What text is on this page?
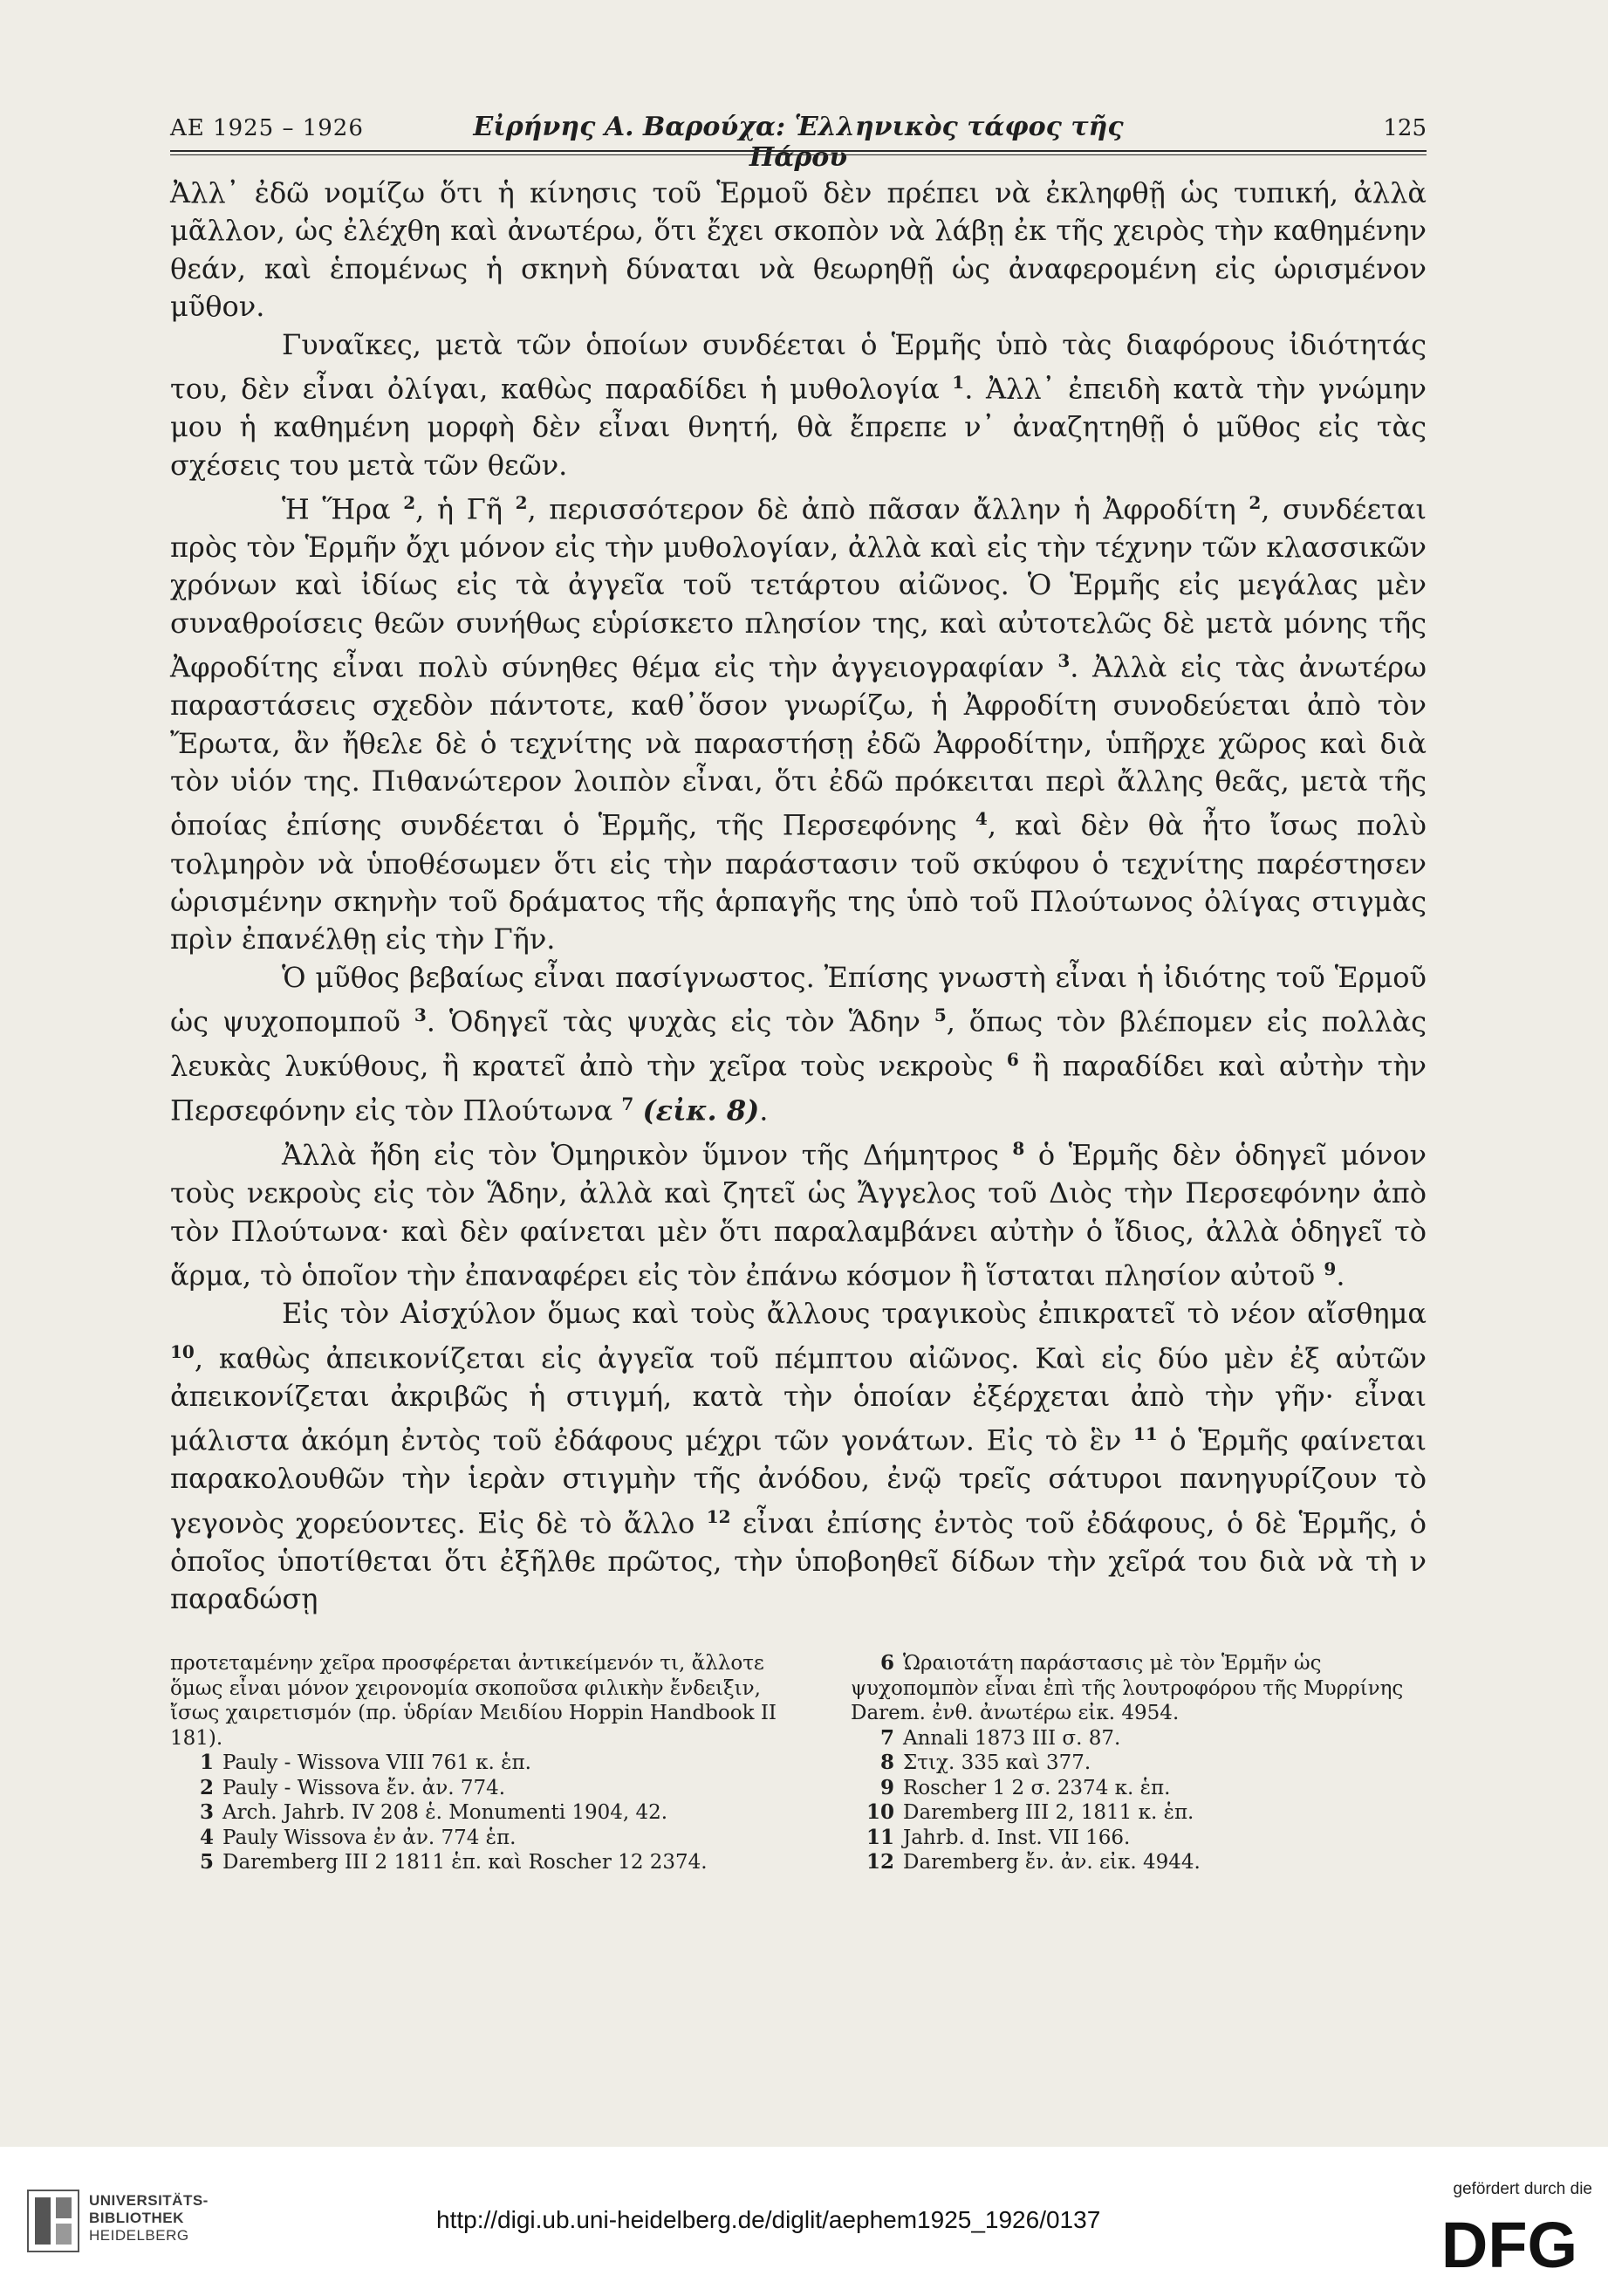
ΑΕ 1925 – 1926	Εἰρήνης Α. Βαρούχα: Ἑλληνικὸς τάφος τῆς Πάρου
125

Ἀλλ᾽ ἐδῶ νομίζω ὅτι ἡ κίνησις τοῦ Ἑρμοῦ δὲν πρέπει νὰ ἐκληφθῇ ὡς τυπική, ἀλλὰ μᾶλλον, ὡς ἐλέχθη καὶ ἀνωτέρω, ὅτι ἔχει σκοπὸν νὰ λάβῃ ἐκ τῆς χειρὸς τὴν καθημένην θεάν, καὶ ἑπομένως ἡ σκηνὴ δύναται νὰ θεωρηθῇ ὡς ἀναφερομένη εἰς ὡρισμένον μῦθον.

Γυναῖκες, μετὰ τῶν ὁποίων συνδέεται ὁ Ἑρμῆς ὑπὸ τὰς διαφόρους ἰδιότητάς του, δὲν εἶναι ὀλίγαι, καθὼς παραδίδει ἡ μυθολογία $^1$. Ἀλλ᾽ ἐπειδὴ κατὰ τὴν γνώμην μου ἡ καθημένη μορφὴ δὲν εἶναι θνητή, θὰ ἔπρεπε ν᾽ ἀναζητηθῇ ὁ μῦθος εἰς τὰς σχέσεις του μετὰ τῶν θεῶν.

Ἡ Ἥρα $^2$, ἡ Γῆ $^2$, περισσότερον δὲ ἀπὸ πᾶσαν ἄλλην ἡ Ἀφροδίτη $^2$, συνδέεται πρὸς τὸν Ἑρμῆν ὄχι μόνον εἰς τὴν μυθολογίαν, ἀλλὰ καὶ εἰς τὴν τέχνην τῶν κλασσικῶν χρόνων καὶ ἰδίως εἰς τὰ ἀγγεῖα τοῦ τετάρτου αἰῶνος. Ὁ Ἑρμῆς εἰς μεγάλας μὲν συναθροίσεις θεῶν συνήθως εὑρίσκετο πλησίον της, καὶ αὐτοτελῶς δὲ μετὰ μόνης τῆς Ἀφροδίτης εἶναι πολὺ σύνηθες θέμα εἰς τὴν ἀγγειογραφίαν $^3$. Ἀλλὰ εἰς τὰς ἀνωτέρω παραστάσεις σχεδὸν πάντοτε, καθ᾽ὅσον γνωρίζω, ἡ Ἀφροδίτη συνοδεύεται ἀπὸ τὸν Ἔρωτα, ἂν ἤθελε δὲ ὁ τεχνίτης νὰ παραστήσῃ ἐδῶ Ἀφροδίτην, ὑπῆρχε χῶρος καὶ διὰ τὸν υἱόν της. Πιθανώτερον λοιπὸν εἶναι, ὅτι ἐδῶ πρόκειται περὶ ἄλλης θεᾶς, μετὰ τῆς ὁποίας ἐπίσης συνδέεται ὁ Ἑρμῆς, τῆς Περσεφόνης $^4$, καὶ δὲν θὰ ἦτο ἴσως πολὺ τολμηρὸν νὰ ὑποθέσωμεν ὅτι εἰς τὴν παράστασιν τοῦ σκύφου ὁ τεχνίτης παρέστησεν ὡρισμένην σκηνὴν τοῦ δράματος τῆς ἁρπαγῆς της ὑπὸ τοῦ Πλούτωνος ὀλίγας στιγμὰς πρὶν ἐπανέλθῃ εἰς τὴν Γῆν.

Ὁ μῦθος βεβαίως εἶναι πασίγνωστος. Ἐπίσης γνωστὴ εἶναι ἡ ἰδιότης τοῦ Ἑρμοῦ ὡς ψυχοπομποῦ $^3$. Ὁδηγεῖ τὰς ψυχὰς εἰς τὸν Ἅδην $^5$, ὅπως τὸν βλέπομεν εἰς πολλὰς λευκὰς λυκύθους, ἢ κρατεῖ ἀπὸ τὴν χεῖρα τοὺς νεκροὺς $^6$ ἢ παραδίδει καὶ αὐτὴν τὴν Περσεφόνην εἰς τὸν Πλούτωνα $^7$ (εἰκ. 8).

Ἀλλὰ ἤδη εἰς τὸν Ὁμηρικὸν ὕμνον τῆς Δήμητρος $^8$ ὁ Ἑρμῆς δὲν ὁδηγεῖ μόνον τοὺς νεκροὺς εἰς τὸν Ἅδην, ἀλλὰ καὶ ζητεῖ ὡς Ἄγγελος τοῦ Διὸς τὴν Περσεφόνην ἀπὸ τὸν Πλούτωνα· καὶ δὲν φαίνεται μὲν ὅτι παραλαμβάνει αὐτὴν ὁ ἴδιος, ἀλλὰ ὁδηγεῖ τὸ ἅρμα, τὸ ὁποῖον τὴν ἐπαναφέρει εἰς τὸν ἐπάνω κόσμον ἢ ἵσταται πλησίον αὐτοῦ $^9$.

Εἰς τὸν Αἰσχύλον ὅμως καὶ τοὺς ἄλλους τραγικοὺς ἐπικρατεῖ τὸ νέον αἴσθημα $^{10}$, καθὼς ἀπεικονίζεται εἰς ἀγγεῖα τοῦ πέμπτου αἰῶνος. Καὶ εἰς δύο μὲν ἐξ αὐτῶν ἀπεικονίζεται ἀκριβῶς ἡ στιγμή, κατὰ τὴν ὁποίαν ἐξέρχεται ἀπὸ τὴν γῆν· εἶναι μάλιστα ἀκόμη ἐντὸς τοῦ ἐδάφους μέχρι τῶν γονάτων. Εἰς τὸ ἓν $^{11}$ ὁ Ἑρμῆς φαίνεται παρακολουθῶν τὴν ἱερὰν στιγμὴν τῆς ἀνόδου, ἐνῷ τρεῖς σάτυροι πανηγυρίζουν τὸ γεγονὸς χορεύοντες. Εἰς δὲ τὸ ἄλλο $^{12}$ εἶναι ἐπίσης ἐντὸς τοῦ ἐδάφους, ὁ δὲ Ἑρμῆς, ὁ ὁποῖος ὑποτίθεται ὅτι ἐξῆλθε πρῶτος, τὴν ὑποβοηθεῖ δίδων τὴν χεῖρά του διὰ νὰ τὴ ν παραδώσῃ

προτεταμένην χεῖρα προσφέρεται ἀντικείμενόν τι, ἄλλοτε ὅμως εἶναι μόνον χειρονομία σκοποῦσα φιλικὴν ἔνδειξιν, ἴσως χαιρετισμόν (πρ. ὑδρίαν Μειδίου Hoppin Handbook II 181).

1 Pauly - Wissova VIII 761 κ. ἑπ.

2 Pauly - Wissova ἔν. ἀν. 774.

3 Arch. Jahrb. IV 208 ἑ. Monumenti 1904, 42.

4 Pauly Wissova ἐν ἀν. 774 ἑπ.

5 Daremberg III 2 1811 ἑπ. καὶ Roscher 12 2374.

6 Ὡραιοτάτη παράστασις μὲ τὸν Ἑρμῆν ὡς ψυχοπομπὸν εἶναι ἐπὶ τῆς λουτροφόρου τῆς Μυρρίνης Darem. ἐνθ. ἀνωτέρω εἰκ. 4954.

7 Annali 1873 III σ. 87.

8 Στιχ. 335 καὶ 377.

9 Roscher 1 2 σ. 2374 κ. ἑπ.

10 Daremberg III 2, 1811 κ. ἑπ.

11 Jahrb. d. Inst. VII 166.

12 Daremberg ἔν. ἀν. εἰκ. 4944.

UNIVERSITÄTS-
BIBLIOTHEK
HEIDELBERG
http://digi.ub.uni-heidelberg.de/diglit/aephem1925_1926/0137
gefördert durch die
DFG
